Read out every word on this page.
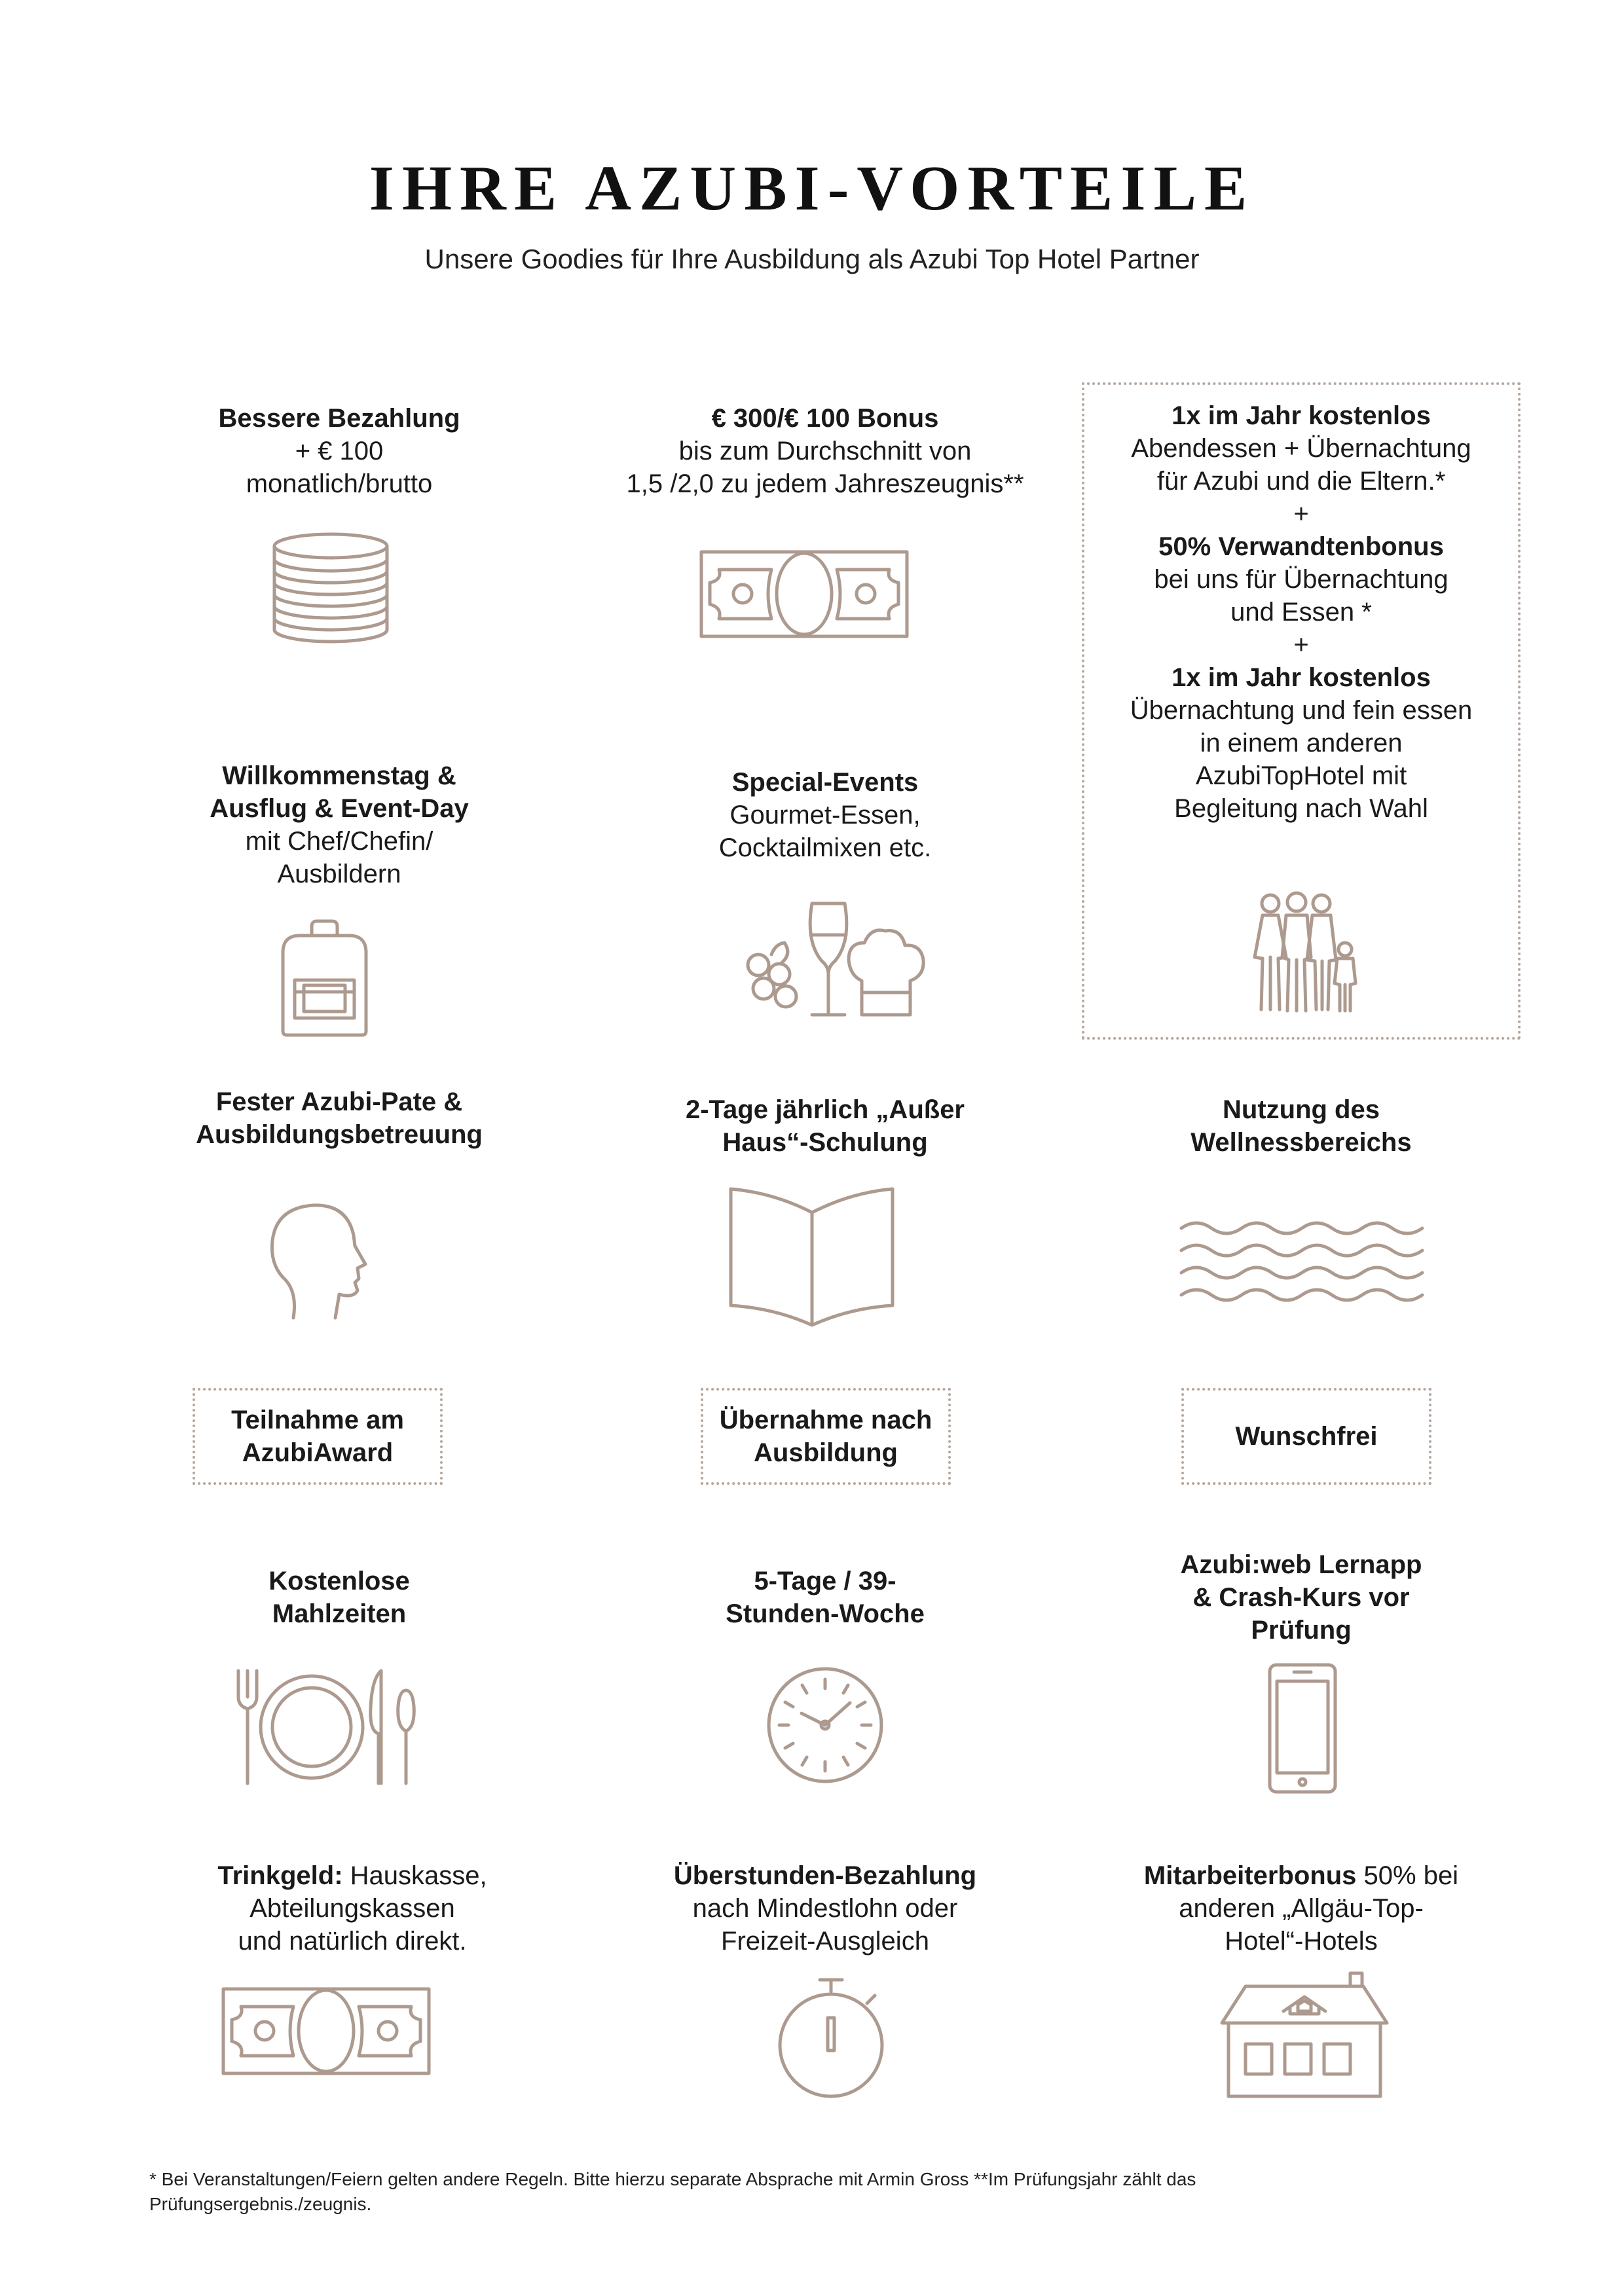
IHRE AZUBI-VORTEILE
Unsere Goodies für Ihre Ausbildung als Azubi Top Hotel Partner
Bessere Bezahlung
+ € 100
monatlich/brutto
€ 300/€ 100 Bonus
bis zum Durchschnitt von
1,5 /2,0 zu jedem Jahreszeugnis**
1x im Jahr kostenlos
Abendessen + Übernachtung
für Azubi und die Eltern.*
+
50% Verwandtenbonus
bei uns für Übernachtung
und Essen *
+
1x im Jahr kostenlos
Übernachtung und fein essen
in einem anderen
AzubiTopHotel mit
Begleitung nach Wahl
Willkommenstag &
Ausflug & Event-Day
mit Chef/Chefin/
Ausbildern
Special-Events
Gourmet-Essen,
Cocktailmixen etc.
Fester Azubi-Pate &
Ausbildungsbetreuung
2-Tage jährlich „Außer
Haus“-Schulung
Nutzung des
Wellnessbereichs
Teilnahme am
AzubiAward
Übernahme nach
Ausbildung
Wunschfrei
Kostenlose
Mahlzeiten
5-Tage / 39-
Stunden-Woche
Azubi:web Lernapp
& Crash-Kurs vor
Prüfung
Trinkgeld: Hauskasse,
Abteilungskassen
und natürlich direkt.
Überstunden-Bezahlung
nach Mindestlohn oder
Freizeit-Ausgleich
Mitarbeiterbonus 50% bei
anderen „Allgäu-Top-
Hotel“-Hotels
* Bei Veranstaltungen/Feiern gelten andere Regeln. Bitte hierzu separate Absprache mit Armin Gross **Im Prüfungsjahr zählt das
Prüfungsergebnis./zeugnis.
